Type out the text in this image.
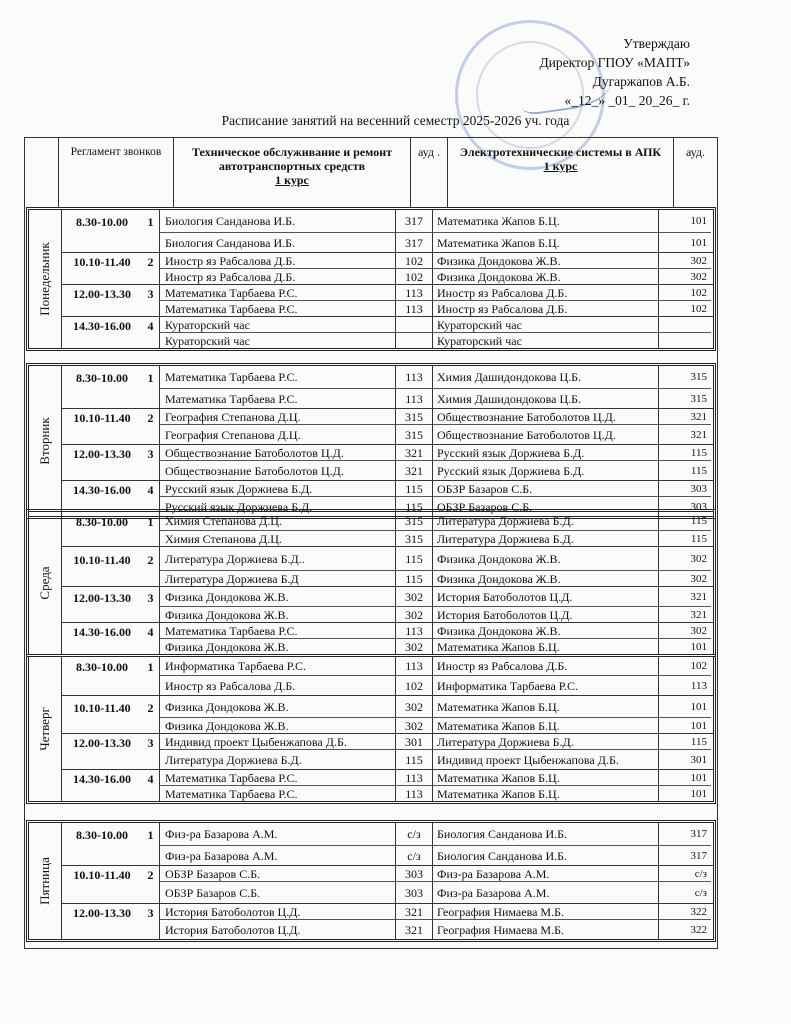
Утверждаю
Директор ГПОУ «МАПТ»
Дугаржапов А.Б.
«_12_» _01_ 20_26_ г.
Расписание занятий на весенний семестр 2025-2026 уч. года
Регламент звонков	Техническое обслуживание и ремонт автотранспортных средств
1 курс
ауд .	Электротехнические системы в АПК
1 курс
ауд.
Понедельник
8.30-10.00	1 Биология Санданова И.Б.	317	Математика Жапов Б.Ц.	101
Биология Санданова И.Б.	317	Математика Жапов Б.Ц.	101
10.10-11.40	2 Иностр яз Рабсалова Д.Б.	102	Физика Дондокова Ж.В.	302
Иностр яз Рабсалова Д.Б.	102	Физика Дондокова Ж.В.	302
12.00-13.30	3 Математика Тарбаева Р.С.	113	Иностр яз Рабсалова Д.Б.	102
Математика Тарбаева Р.С.	113	Иностр яз Рабсалова Д.Б.	102
14.30-16.00	4 Кураторский час	Кураторский час
Кураторский час	Кураторский час
Вторник
8.30-10.00	1 Математика Тарбаева Р.С.	113	Химия Дашидондокова Ц.Б.	315
Математика Тарбаева Р.С.	113	Химия Дашидондокова Ц.Б.	315
10.10-11.40	2 География Степанова Д.Ц.	315	Обществознание Батоболотов Ц.Д.	321
География Степанова Д.Ц.	315	Обществознание Батоболотов Ц.Д.	321
12.00-13.30	3 Обществознание Батоболотов Ц.Д.	321	Русский язык Доржиева Б.Д.	115
Обществознание Батоболотов Ц.Д.	321	Русский язык Доржиева Б.Д.	115
14.30-16.00	4 Русский язык Доржиева Б.Д.	115	ОБЗР Базаров С.Б.	303
Русский язык Доржиева Б.Д.	115	ОБЗР Базаров С.Б.	303
Среда
8.30-10.00	1 Химия Степанова Д.Ц.	315	Литература Доржиева Б.Д.	115
Химия Степанова Д.Ц.	315	Литература Доржиева Б.Д.	115
10.10-11.40	2 Литература Доржиева Б.Д..	115	Физика Дондокова Ж.В.	302
Литература Доржиева Б.Д	115	Физика Дондокова Ж.В.	302
12.00-13.30	3 Физика Дондокова Ж.В.	302	История Батоболотов Ц.Д.	321
Физика Дондокова Ж.В.	302	История Батоболотов Ц.Д.	321
14.30-16.00	4 Математика Тарбаева Р.С.	113	Физика Дондокова Ж.В.	302
Физика Дондокова Ж.В.	302	Математика Жапов Б.Ц.	101
Четверг
8.30-10.00	1 Информатика Тарбаева Р.С.	113	Иностр яз Рабсалова Д.Б.	102
Иностр яз Рабсалова Д.Б.	102	Информатика Тарбаева Р.С.	113
10.10-11.40	2 Физика Дондокова Ж.В.	302	Математика Жапов Б.Ц.	101
Физика Дондокова Ж.В.	302	Математика Жапов Б.Ц.	101
12.00-13.30	3 Индивид проект Цыбенжапова Д.Б.	301	Литература Доржиева Б.Д.	115
Литература Доржиева Б.Д.	115	Индивид проект Цыбенжапова Д.Б.	301
14.30-16.00	4 Математика Тарбаева Р.С.	113	Математика Жапов Б.Ц.	101
Математика Тарбаева Р.С.	113	Математика Жапов Б.Ц.	101
Пятница
8.30-10.00	1 Физ-ра Базарова А.М.	с/з	Биология Санданова И.Б.	317
Физ-ра Базарова А.М.	с/з	Биология Санданова И.Б.	317
10.10-11.40	2 ОБЗР Базаров С.Б.	303	Физ-ра Базарова А.М.	с/з
ОБЗР Базаров С.Б.	303	Физ-ра Базарова А.М.	с/з
12.00-13.30	3 История Батоболотов Ц.Д.	321	География Нимаева М.Б.	322
История Батоболотов Ц.Д.	321	География Нимаева М.Б.	322
